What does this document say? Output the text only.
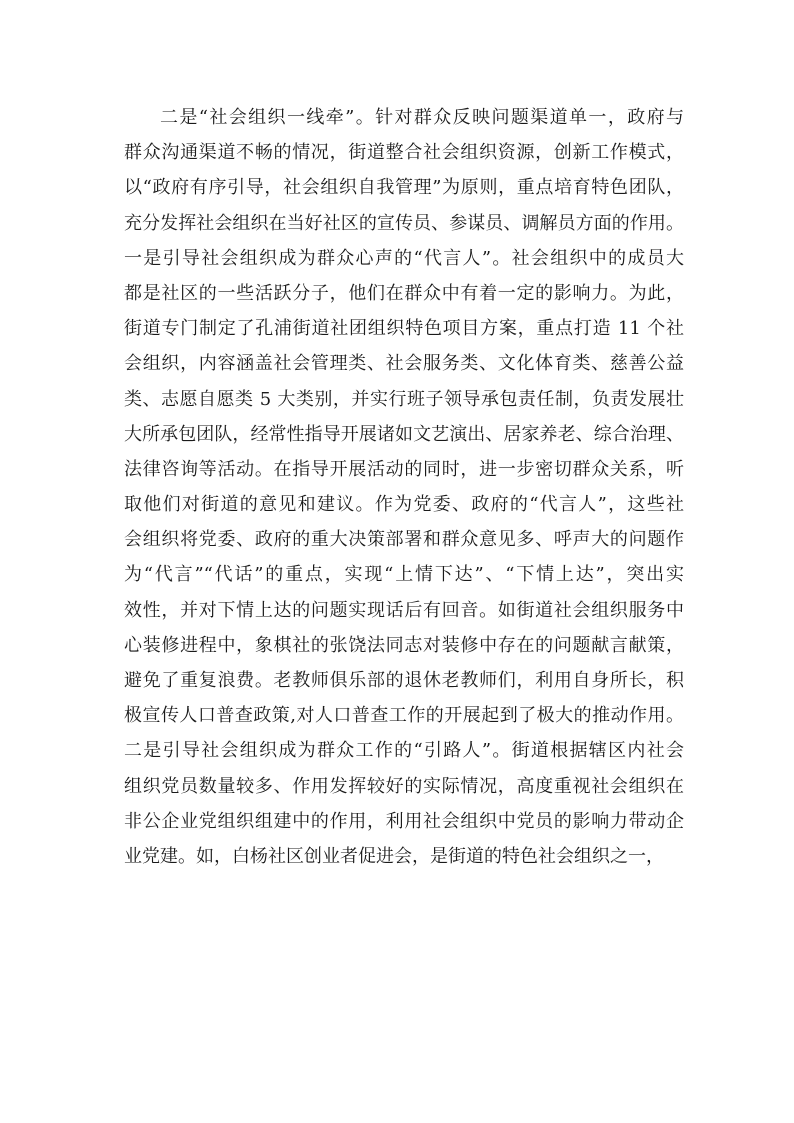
二是“社会组织一线牵”。针对群众反映问题渠道单一，政府与
群众沟通渠道不畅的情况，街道整合社会组织资源，创新工作模式，
以“政府有序引导，社会组织自我管理”为原则，重点培育特色团队，
充分发挥社会组织在当好社区的宣传员、参谋员、调解员方面的作用。
一是引导社会组织成为群众心声的“代言人”。社会组织中的成员大
都是社区的一些活跃分子，他们在群众中有着一定的影响力。为此，
街道专门制定了孔浦街道社团组织特色项目方案，重点打造 11 个社
会组织，内容涵盖社会管理类、社会服务类、文化体育类、慈善公益
类、志愿自愿类 5 大类别，并实行班子领导承包责任制，负责发展壮
大所承包团队，经常性指导开展诸如文艺演出、居家养老、综合治理、
法律咨询等活动。在指导开展活动的同时，进一步密切群众关系，听
取他们对街道的意见和建议。作为党委、政府的“代言人”，这些社
会组织将党委、政府的重大决策部署和群众意见多、呼声大的问题作
为“代言”“代话”的重点，实现“上情下达”、“下情上达”，突出实
效性，并对下情上达的问题实现话后有回音。如街道社会组织服务中
心装修进程中，象棋社的张饶法同志对装修中存在的问题献言献策，
避免了重复浪费。老教师俱乐部的退休老教师们，利用自身所长，积
极宣传人口普查政策,对人口普查工作的开展起到了极大的推动作用。
二是引导社会组织成为群众工作的“引路人”。街道根据辖区内社会
组织党员数量较多、作用发挥较好的实际情况，高度重视社会组织在
非公企业党组织组建中的作用，利用社会组织中党员的影响力带动企
业党建。如，白杨社区创业者促进会，是街道的特色社会组织之一，
